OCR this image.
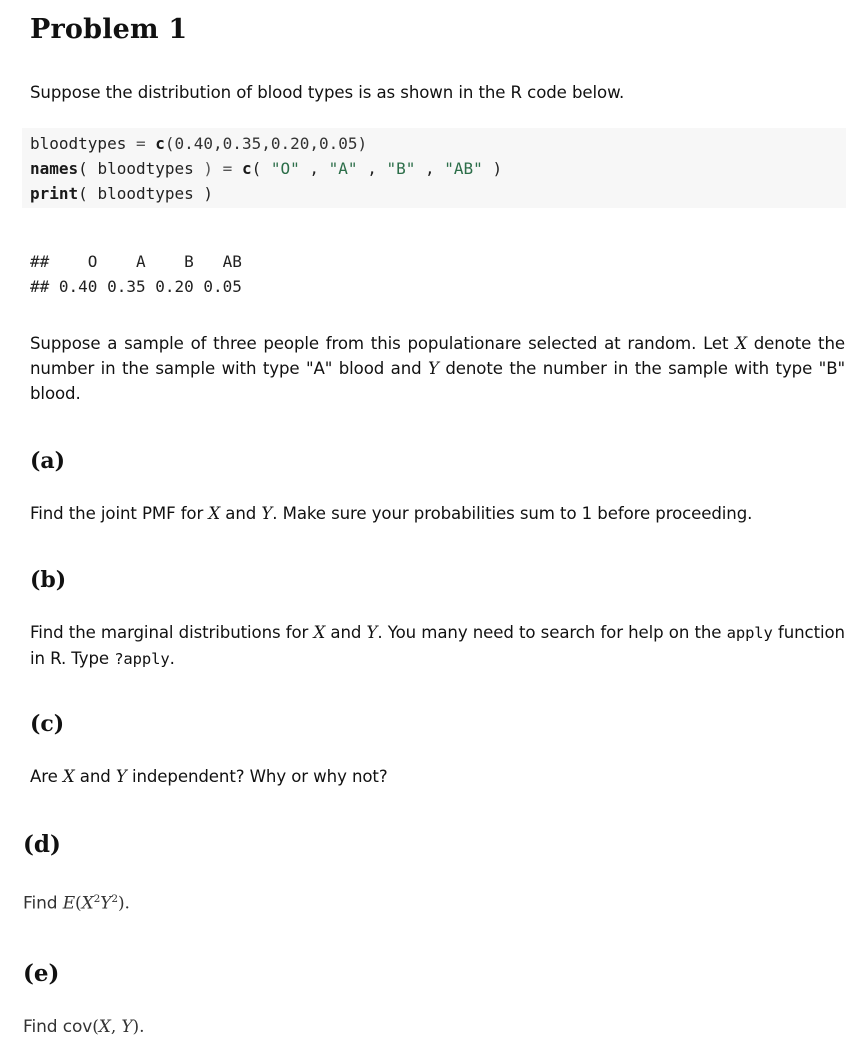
Problem 1
Suppose the distribution of blood types is as shown in the R code below.
bloodtypes = c(0.40,0.35,0.20,0.05)
names( bloodtypes ) = c( "O" , "A" , "B" , "AB" )
print( bloodtypes )
##    O    A    B   AB
## 0.40 0.35 0.20 0.05
Suppose a sample of three people from this populationare selected at random. Let X denote the number in the sample with type "A" blood and Y denote the number in the sample with type "B" blood.
(a)
Find the joint PMF for X and Y. Make sure your probabilities sum to 1 before proceeding.
(b)
Find the marginal distributions for X and Y. You many need to search for help on the apply function in R. Type ?apply.
(c)
Are X and Y independent? Why or why not?
(d)
Find $E(X^2Y^2)$.
(e)
Find cov(X, Y).
